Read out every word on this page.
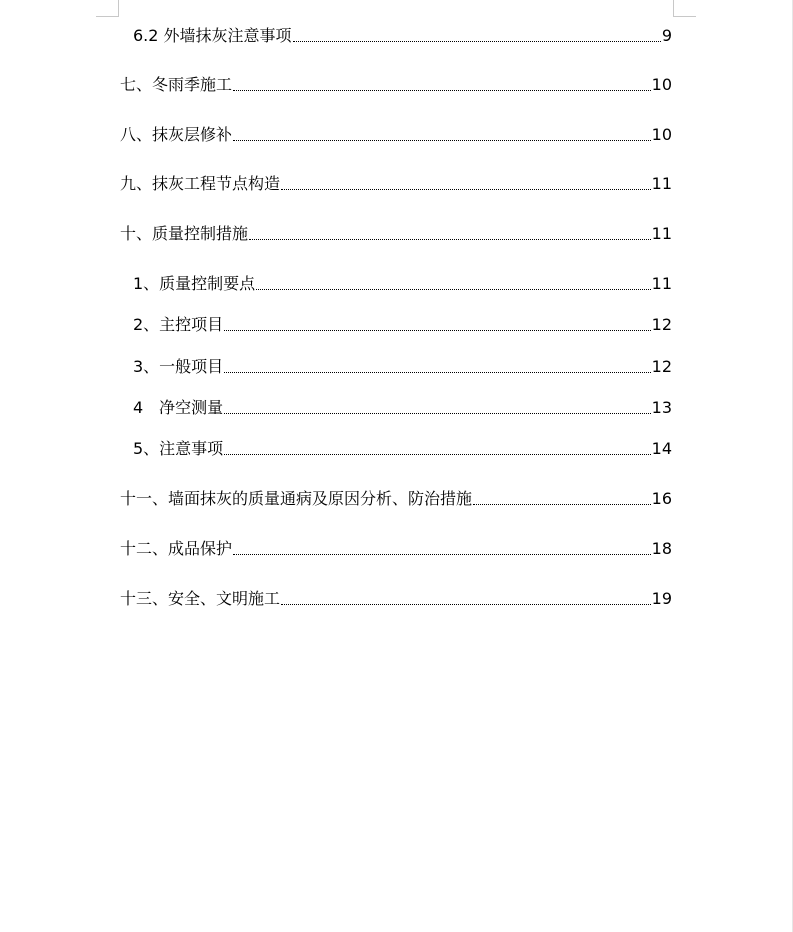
6.2 外墙抹灰注意事项	9
七、冬雨季施工	10
八、抹灰层修补	10
九、抹灰工程节点构造	11
十、质量控制措施	11
1、质量控制要点	11
2、主控项目	12
3、一般项目	12
4　净空测量	13
5、注意事项	14
十一、墙面抹灰的质量通病及原因分析、防治措施	16
十二、成品保护	18
十三、安全、文明施工	19
